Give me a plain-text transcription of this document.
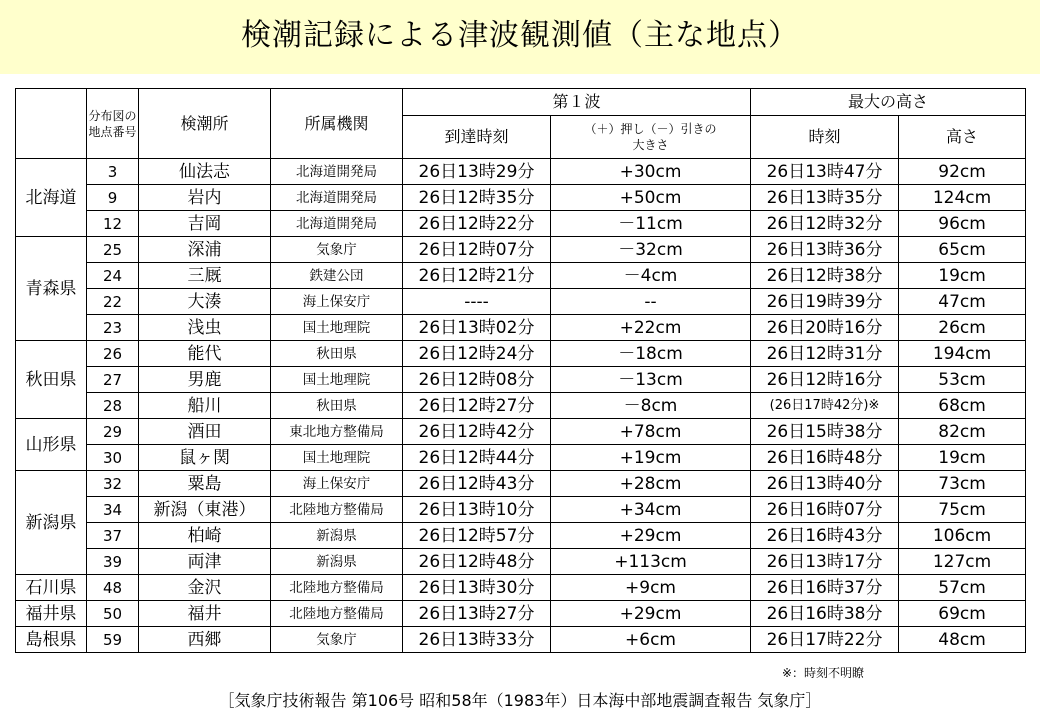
検潮記録による津波観測値（主な地点）
	分布図の地点番号	検潮所	所属機関	第１波		最大の高さ	
				到達時刻	（＋）押し（－）引きの大きさ	時刻	高さ
北海道	3	仙法志	北海道開発局	26日13時29分	+30cm	26日13時47分	92cm
	9	岩内	北海道開発局	26日12時35分	+50cm	26日13時35分	124cm
	12	吉岡	北海道開発局	26日12時22分	－11cm	26日12時32分	96cm
青森県	25	深浦	気象庁	26日12時07分	－32cm	26日13時36分	65cm
	24	三厩	鉄建公団	26日12時21分	－4cm	26日12時38分	19cm
	22	大湊	海上保安庁	----	--	26日19時39分	47cm
	23	浅虫	国土地理院	26日13時02分	+22cm	26日20時16分	26cm
秋田県	26	能代	秋田県	26日12時24分	－18cm	26日12時31分	194cm
	27	男鹿	国土地理院	26日12時08分	－13cm	26日12時16分	53cm
	28	船川	秋田県	26日12時27分	－8cm	(26日17時42分)※	68cm
山形県	29	酒田	東北地方整備局	26日12時42分	+78cm	26日15時38分	82cm
	30	鼠ヶ関	国土地理院	26日12時44分	+19cm	26日16時48分	19cm
新潟県	32	粟島	海上保安庁	26日12時43分	+28cm	26日13時40分	73cm
	34	新潟（東港）	北陸地方整備局	26日13時10分	+34cm	26日16時07分	75cm
	37	柏崎	新潟県	26日12時57分	+29cm	26日16時43分	106cm
	39	両津	新潟県	26日12時48分	+113cm	26日13時17分	127cm
石川県	48	金沢	北陸地方整備局	26日13時30分	+9cm	26日16時37分	57cm
福井県	50	福井	北陸地方整備局	26日13時27分	+29cm	26日16時38分	69cm
島根県	59	西郷	気象庁	26日13時33分	+6cm	26日17時22分	48cm
※：時刻不明瞭
［気象庁技術報告 第106号 昭和58年（1983年）日本海中部地震調査報告 気象庁］
